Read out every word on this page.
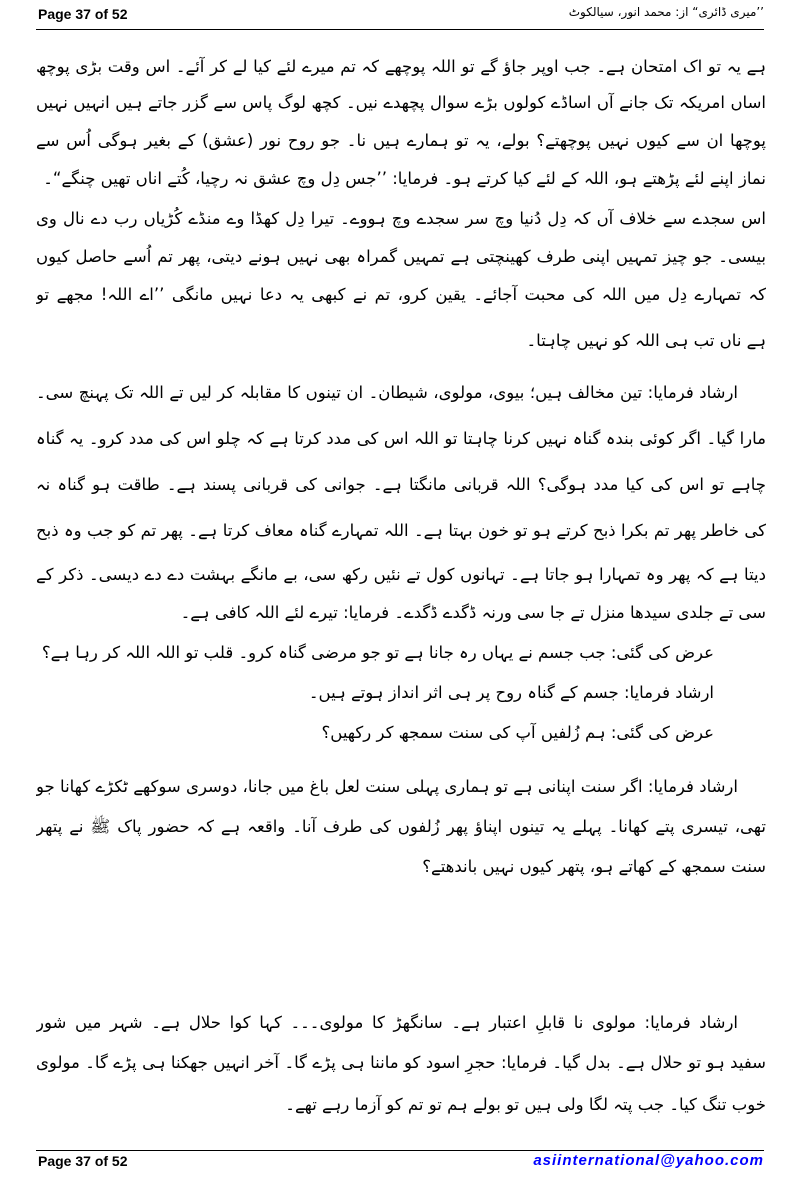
Page 37 of 52	’’میری ڈائری“ از: محمد انور، سیالکوٹ
ہے یہ تو اک امتحان ہے۔ جب اوپر جاؤ گے تو اللہ پوچھے کہ تم میرے لئے کیا لے کر آئے۔ اس وقت بڑی پوچھ
اساں امریکہ تک جانے آں اساڈے کولوں بڑے سوال پچھدے نیں۔ کچھ لوگ پاس سے گزر جاتے ہیں انہیں نہیں
پوچھا ان سے کیوں نہیں پوچھتے؟ بولے، یہ تو ہمارے ہیں نا۔ جو روح نور (عشق) کے بغیر ہوگی اُس سے
نماز اپنے لئے پڑھتے ہو، اللہ کے لئے کیا کرتے ہو۔ فرمایا: ’’جس دِل وچ عشق نہ رچیا، کُتے اناں تھیں چنگے“۔
اس سجدے سے خلاف آں کہ دِل دُنیا وچ سر سجدے وچ ہووے۔ تیرا دِل کھڈا وے منڈے کُڑیاں رب دے نال وی
بیسی۔ جو چیز تمہیں اپنی طرف کھینچتی ہے تمہیں گمراہ بھی نہیں ہونے دیتی، پھر تم اُسے حاصل کیوں
کہ تمہارے دِل میں اللہ کی محبت آجائے۔ یقین کرو، تم نے کبھی یہ دعا نہیں مانگی ’’اے اللہ! مجھے تو
ہے ناں تب ہی اللہ کو نہیں چاہتا۔
ارشاد فرمایا: تین مخالف ہیں؛ بیوی، مولوی، شیطان۔ ان تینوں کا مقابلہ کر لیں تے اللہ تک پہنچ سی۔
مارا گیا۔ اگر کوئی بندہ گناہ نہیں کرنا چاہتا تو اللہ اس کی مدد کرتا ہے کہ چلو اس کی مدد کرو۔ یہ گناہ
چاہے تو اس کی کیا مدد ہوگی؟ اللہ قربانی مانگتا ہے۔ جوانی کی قربانی پسند ہے۔ طاقت ہو گناہ نہ
کی خاطر پھر تم بکرا ذبح کرتے ہو تو خون بہتا ہے۔ اللہ تمہارے گناہ معاف کرتا ہے۔ پھر تم کو جب وہ ذبح
دیتا ہے کہ پھر وہ تمہارا ہو جاتا ہے۔ تہانوں کول تے نئیں رکھ سی، بے مانگے بہشت دے دے دیسی۔ ذکر کے
سی تے جلدی سیدھا منزل تے جا سی ورنہ ڈگدے ڈگدے۔ فرمایا: تیرے لئے اللہ کافی ہے۔
عرض کی گئی: جب جسم نے یہاں رہ جانا ہے تو جو مرضی گناہ کرو۔ قلب تو اللہ اللہ کر رہا ہے؟
ارشاد فرمایا: جسم کے گناہ روح پر ہی اثر انداز ہوتے ہیں۔
عرض کی گئی: ہم زُلفیں آپ کی سنت سمجھ کر رکھیں؟
ارشاد فرمایا: اگر سنت اپنانی ہے تو ہماری پہلی سنت لعل باغ میں جانا، دوسری سوکھے ٹکڑے کھانا جو
تھی، تیسری پتے کھانا۔ پہلے یہ تینوں اپناؤ پھر زُلفوں کی طرف آنا۔ واقعہ ہے کہ حضور پاک ﷺ نے پتھر
سنت سمجھ کے کھاتے ہو، پتھر کیوں نہیں باندھتے؟
ارشاد فرمایا: مولوی نا قابلِ اعتبار ہے۔ سانگھڑ کا مولوی۔۔۔ کہا کوا حلال ہے۔ شہر میں شور
سفید ہو تو حلال ہے۔ بدل گیا۔ فرمایا: حجرِ اسود کو ماننا ہی پڑے گا۔ آخر انہیں جھکنا ہی پڑے گا۔ مولوی
خوب تنگ کیا۔ جب پتہ لگا ولی ہیں تو بولے ہم تو تم کو آزما رہے تھے۔
Page 37 of 52	asiinternational@yahoo.com
